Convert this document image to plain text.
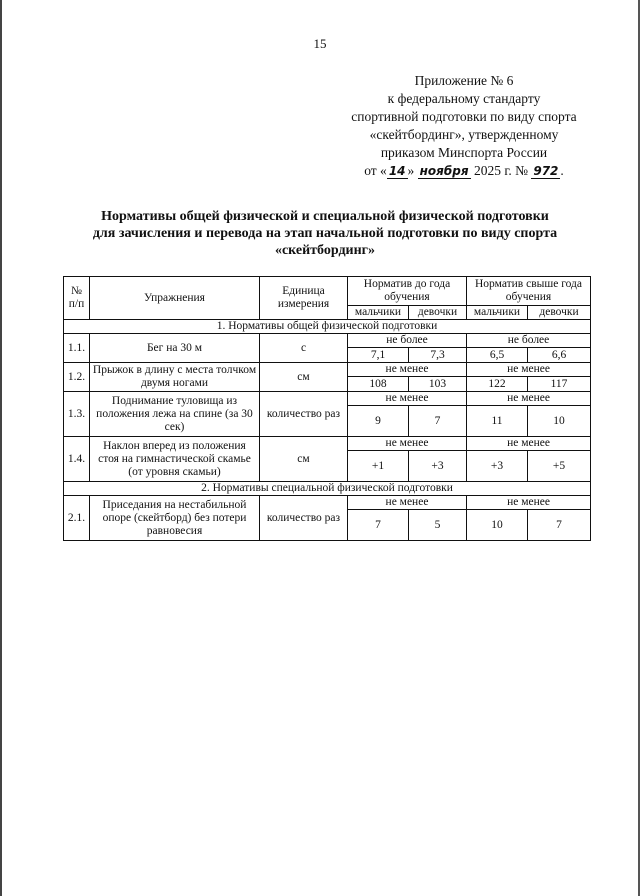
15
Приложение № 6
к федеральному стандарту
спортивной подготовки по виду спорта
«скейтбординг», утвержденному
приказом Минспорта России
от « 14 » ноября 2025 г. № 972 .
Нормативы общей физической и специальной физической подготовки
для зачисления и перевода на этап начальной подготовки по виду спорта
«скейтбординг»
№ п/п	Упражнения	Единица измерения	Норматив до года обучения		Норматив свыше года обучения	
			мальчики	девочки	мальчики	девочки
1. Нормативы общей физической подготовки						
1.1.	Бег на 30 м	с	не более		не более	
			7,1	7,3	6,5	6,6
1.2.	Прыжок в длину с места толчком двумя ногами	см	не менее		не менее	
			108	103	122	117
1.3.	Поднимание туловища из положения лежа на спине (за 30 сек)	количество раз	не менее		не менее	
			9	7	11	10
1.4.	Наклон вперед из положения стоя на гимнастической скамье (от уровня скамьи)	см	не менее		не менее	
			+1	+3	+3	+5
2. Нормативы специальной физической подготовки						
2.1.	Приседания на нестабильной опоре (скейтборд) без потери равновесия	количество раз	не менее		не менее	
			7	5	10	7
